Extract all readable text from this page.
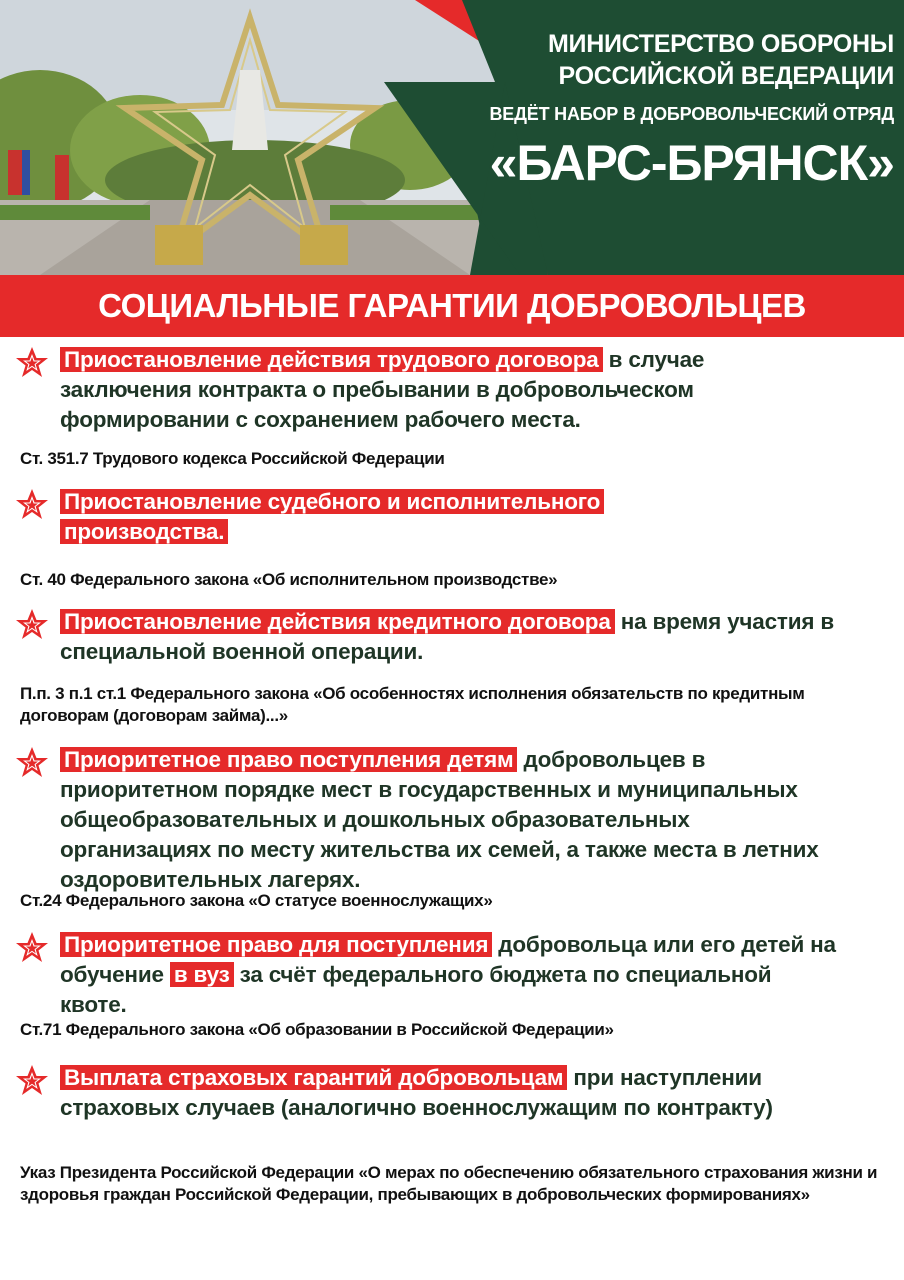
МИНИСТЕРСТВО ОБОРОНЫ
РОССИЙСКОЙ ВЕДЕРАЦИИ
ВЕДЁТ НАБОР В ДОБРОВОЛЬЧЕСКИЙ ОТРЯД
«БАРС-БРЯНСК»
СОЦИАЛЬНЫЕ ГАРАНТИИ ДОБРОВОЛЬЦЕВ
Приостановление действия трудового договора в случае заключения контракта о пребывании в добровольческом формировании с сохранением рабочего места.
Ст. 351.7 Трудового кодекса Российской Федерации
Приостановление судебного и исполнительного производства.
Ст. 40 Федерального закона «Об исполнительном производстве»
Приостановление действия кредитного договора на время участия в специальной военной операции.
П.п. 3 п.1 ст.1 Федерального закона «Об особенностях исполнения обязательств по кредитным договорам (договорам займа)...»
Приоритетное право поступления детям добровольцев в приоритетном порядке мест в государственных и муниципальных общеобразовательных и дошкольных образовательных организациях по месту жительства их семей, а также места в летних оздоровительных лагерях.
Ст.24 Федерального закона «О статусе военнослужащих»
Приоритетное право для поступления добровольца или его детей на обучение в вуз за счёт федерального бюджета по специальной квоте.
Ст.71 Федерального закона «Об образовании в Российской Федерации»
Выплата страховых гарантий добровольцам при наступлении страховых случаев (аналогично военнослужащим по контракту)
Указ Президента Российской Федерации «О мерах по обеспечению обязательного страхования жизни и здоровья граждан Российской Федерации, пребывающих в добровольческих формированиях»
